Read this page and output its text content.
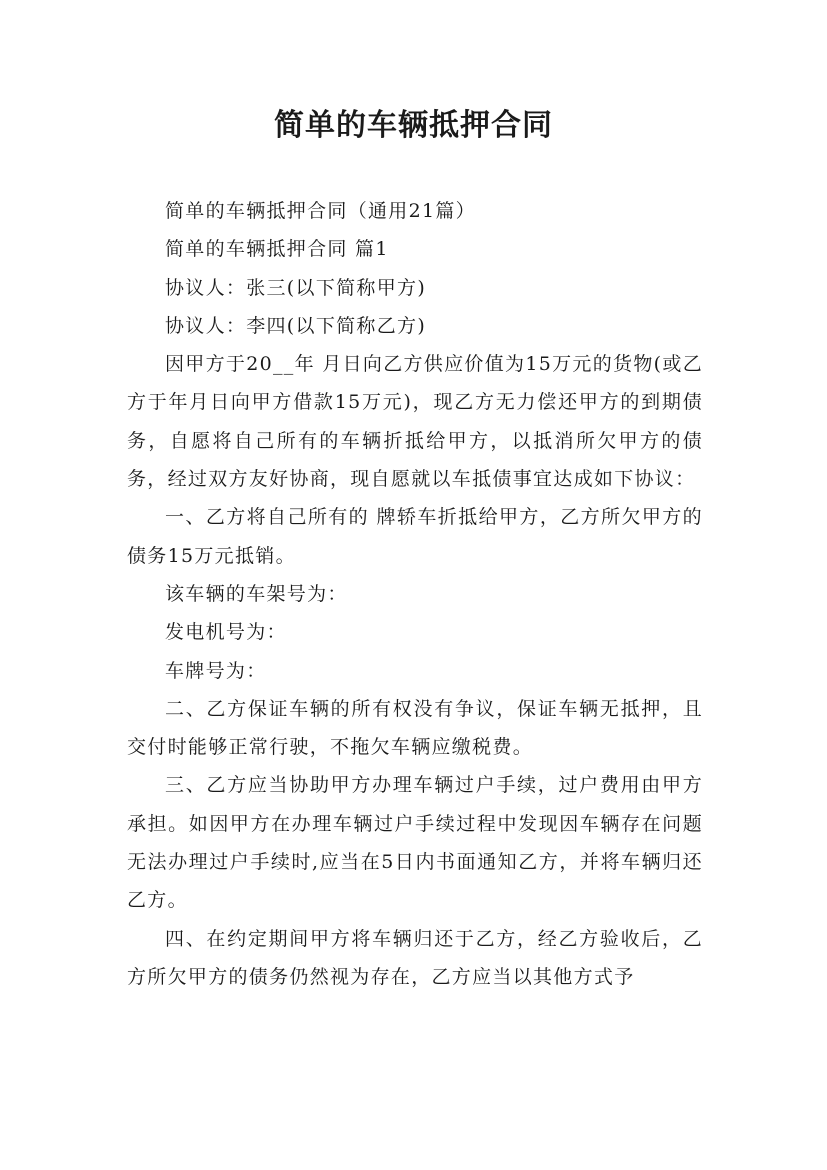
简单的车辆抵押合同

简单的车辆抵押合同（通用21篇）

简单的车辆抵押合同 篇1

协议人：张三(以下简称甲方)

协议人：李四(以下简称乙方)

因甲方于20__年 月日向乙方供应价值为15万元的货物(或乙方于年月日向甲方借款15万元)，现乙方无力偿还甲方的到期债务，自愿将自己所有的车辆折抵给甲方，以抵消所欠甲方的债务，经过双方友好协商，现自愿就以车抵债事宜达成如下协议：

一、乙方将自己所有的 牌轿车折抵给甲方，乙方所欠甲方的债务15万元抵销。

该车辆的车架号为：

发电机号为：

车牌号为：

二、乙方保证车辆的所有权没有争议，保证车辆无抵押，且交付时能够正常行驶，不拖欠车辆应缴税费。

三、乙方应当协助甲方办理车辆过户手续，过户费用由甲方承担。如因甲方在办理车辆过户手续过程中发现因车辆存在问题无法办理过户手续时,应当在5日内书面通知乙方，并将车辆归还乙方。

四、在约定期间甲方将车辆归还于乙方，经乙方验收后，乙方所欠甲方的债务仍然视为存在，乙方应当以其他方式予
